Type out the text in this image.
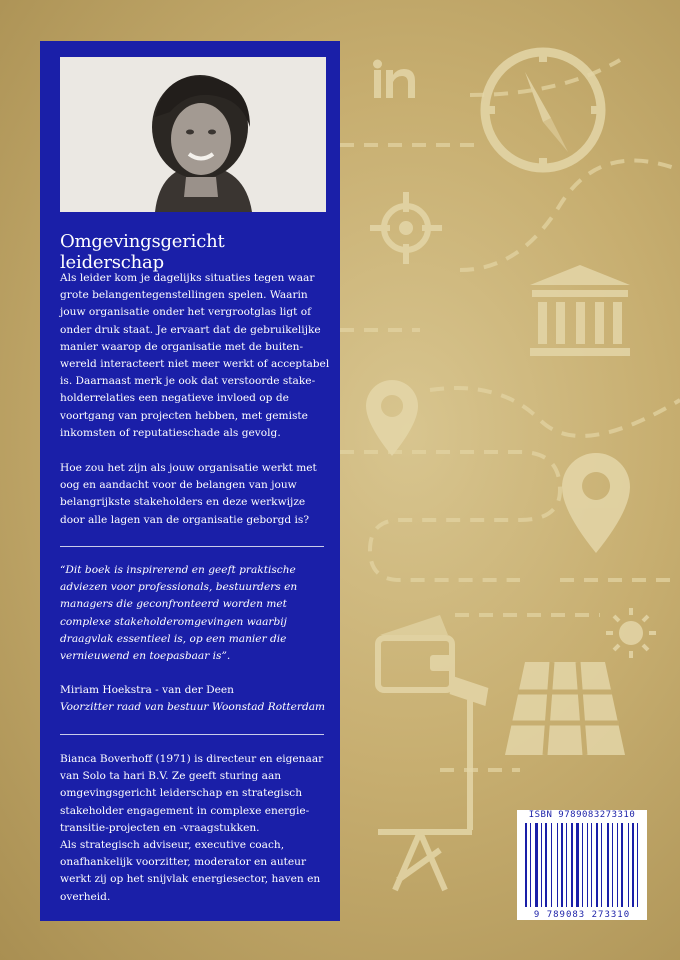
Omgevingsgericht leiderschap

Als leider kom je dagelijks situaties tegen waar grote belangentegenstellingen spelen. Waarin jouw organisatie onder het vergrootglas ligt of onder druk staat. Je ervaart dat de gebruikelijke manier waarop de organisatie met de buiten-wereld interacteert niet meer werkt of acceptabel is. Daarnaast merk je ook dat verstoorde stake-holderrelaties een negatieve invloed op de voortgang van projecten hebben, met gemiste inkomsten of reputatieschade als gevolg.

Hoe zou het zijn als jouw organisatie werkt met oog en aandacht voor de belangen van jouw belangrijkste stakeholders en deze werkwijze door alle lagen van de organisatie geborgd is?

“Dit boek is inspirerend en geeft praktische adviezen voor professionals, bestuurders en managers die geconfronteerd worden met complexe stakeholderomgevingen waarbij draagvlak essentieel is, op een manier die vernieuwend en toepasbaar is”.

Miriam Hoekstra - van der Deen

Voorzitter raad van bestuur Woonstad Rotterdam

Bianca Boverhoff (1971) is directeur en eigenaar van Solo ta hari B.V. Ze geeft sturing aan omgevingsgericht leiderschap en strategisch stakeholder engagement in complexe energie-transitie-projecten en -vraagstukken.

Als strategisch adviseur, executive coach, onafhankelijk voorzitter, moderator en auteur werkt zij op het snijvlak energiesector, haven en overheid.

ISBN 9789083273310
9 789083 273310
